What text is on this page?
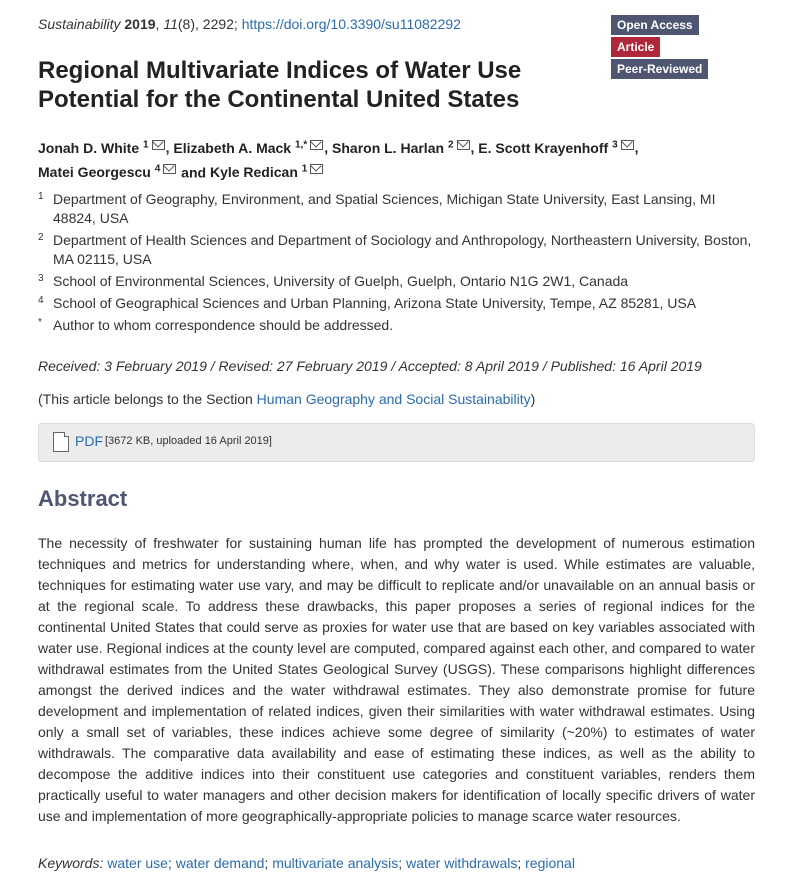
Sustainability 2019, 11(8), 2292; https://doi.org/10.3390/su11082292	Open Access Article
Peer-Reviewed
Regional Multivariate Indices of Water Use Potential for the Continental United States
Jonah D. White $^1$ , Elizabeth A. Mack $^{1,*}$ , Sharon L. Harlan $^2$ , E. Scott Krayenhoff $^3$ ,
Matei Georgescu $^4$ and Kyle Redican $^1$
1 Department of Geography, Environment, and Spatial Sciences, Michigan State University, East Lansing, MI 48824, USA
2 Department of Health Sciences and Department of Sociology and Anthropology, Northeastern University, Boston, MA 02115, USA
3 School of Environmental Sciences, University of Guelph, Guelph, Ontario N1G 2W1, Canada
4 School of Geographical Sciences and Urban Planning, Arizona State University, Tempe, AZ 85281, USA
* Author to whom correspondence should be addressed.
Received: 3 February 2019 / Revised: 27 February 2019 / Accepted: 8 April 2019 / Published: 16 April 2019
(This article belongs to the Section Human Geography and Social Sustainability)
PDF [3672 KB, uploaded 16 April 2019]
Abstract

The necessity of freshwater for sustaining human life has prompted the development of numerous estimation techniques and metrics for understanding where, when, and why water is used. While estimates are valuable, techniques for estimating water use vary, and may be difficult to replicate and/or unavailable on an annual basis or at the regional scale. To address these drawbacks, this paper proposes a series of regional indices for the continental United States that could serve as proxies for water use that are based on key variables associated with water use. Regional indices at the county level are computed, compared against each other, and compared to water withdrawal estimates from the United States Geological Survey (USGS). These comparisons highlight differences amongst the derived indices and the water withdrawal estimates. They also demonstrate promise for future development and implementation of related indices, given their similarities with water withdrawal estimates. Using only a small set of variables, these indices achieve some degree of similarity (~20%) to estimates of water withdrawals. The comparative data availability and ease of estimating these indices, as well as the ability to decompose the additive indices into their constituent use categories and constituent variables, renders them practically useful to water managers and other decision makers for identification of locally specific drivers of water use and implementation of more geographically-appropriate policies to manage scarce water resources.

Keywords: water use; water demand; multivariate analysis; water withdrawals; regional
